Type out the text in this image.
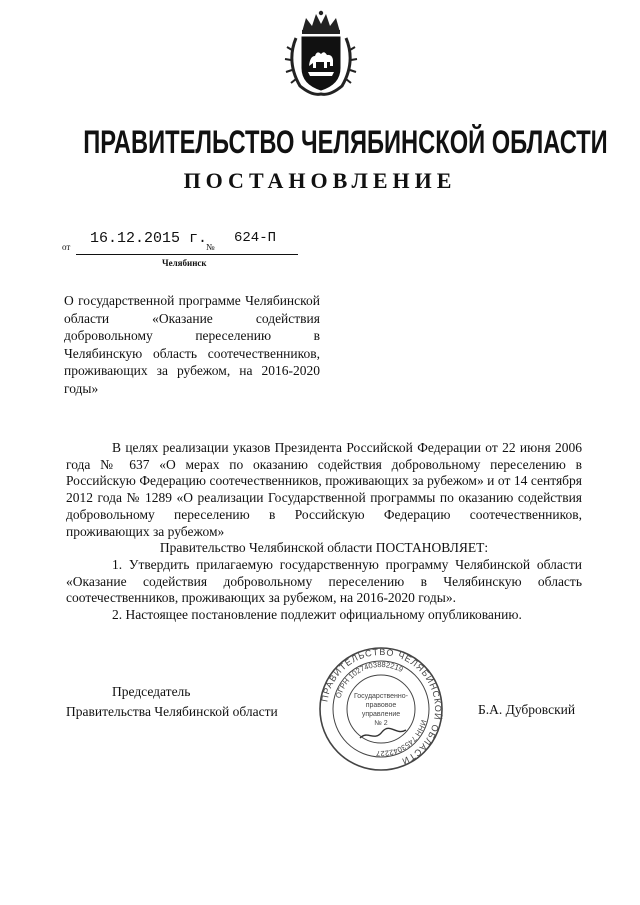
ПРАВИТЕЛЬСТВО ЧЕЛЯБИНСКОЙ ОБЛАСТИ
ПОСТАНОВЛЕНИЕ
от 16.12.2015 г.
№
624-П
Челябинск
О государственной программе Челябинской области «Оказание содействия добровольному переселению в Челябинскую область соотечественников, проживающих за рубежом, на 2016-2020 годы»

В целях реализации указов Президента Российской Федерации от 22 июня 2006 года № 637 «О мерах по оказанию содействия добровольному переселению в Российскую Федерацию соотечественников, проживающих за рубежом» и от 14 сентября 2012 года № 1289 «О реализации Государственной программы по оказанию содействия добровольному переселению в Российскую Федерацию соотечественников, проживающих за рубежом»

Правительство Челябинской области ПОСТАНОВЛЯЕТ:

1. Утвердить прилагаемую государственную программу Челябинской области «Оказание содействия добровольному переселению в Челябинскую область соотечественников, проживающих за рубежом, на 2016-2020 годы».

2. Настоящее постановление подлежит официальному опубликованию.

Председатель
Правительства Челябинской области
ПРАВИТЕЛЬСТВО ЧЕЛЯБИНСКОЙ ОБЛАСТИ
ОГРН 1027403882219
ИНН 7453042227
Государственно-
правовое
управление
№ 2
Б.А. Дубровский
